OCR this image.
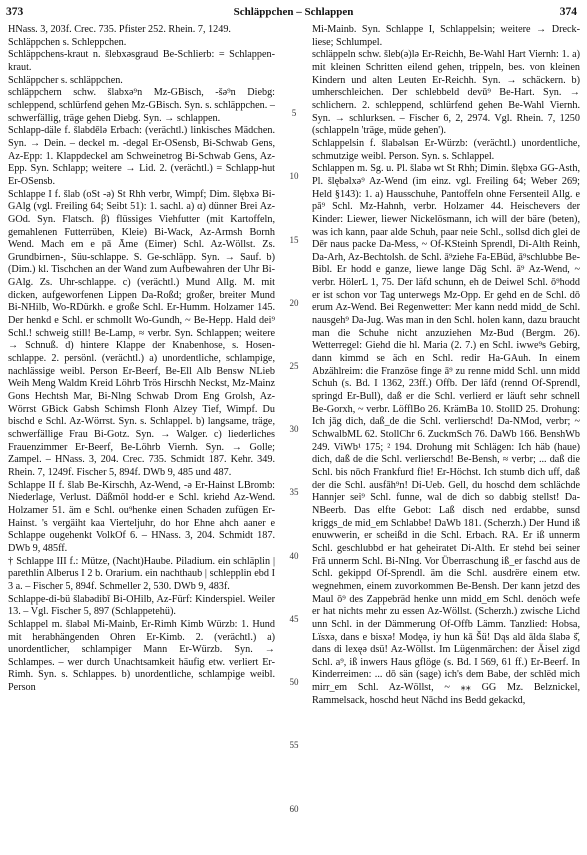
373	Schläppchen – Schlappen	374

HNass. 3, 203f. Crec. 735. Pfister 252. Rhein. 7, 1249.

Schläppchen s. Schleppchen.

Schläppchens-kraut n. šlebxəsgraud Be-Schlierb: = Schlappen-kraut.

Schläppcher s. schläppchen.

schläppchern schw. šlabxə⁹n Mz-GBisch, -šə⁹n Diebg: schleppend, schlürfend gehen Mz-GBisch. Syn. s. schläppchen. – schwerfällig, träge gehen Diebg. Syn. → schlappen.

Schlapp-däle f. šlabdēlə Erbach: (verächtl.) linkisches Mädchen. Syn. → Dein. – deckel m. -degəl Er-OSensb, Bi-Schwab Gens, Az-Epp: 1. Klappdeckel am Schweinetrog Bi-Schwab Gens, Az-Epp. Syn. Schlapp; weitere → Lid. 2. (verächtl.) = Schlapp-hut Er-OSensb.

Schlappe I f. šlab (oSt -ə) St Rhh verbr, Wimpf; Dim. šlębxə Bi-GAlg (vgl. Freiling 64; Seibt 51): 1. sachl. a) α) dünner Brei Az-GOd. Syn. Flatsch. β) flüssiges Viehfutter (mit Kartoffeln, gemahlenen Futterrüben, Kleie) Bi-Wack, Az-Armsh Bornh Wend. Mach em e pā Āme (Eimer) Schl. Az-Wöllst. Zs. Grundbirnen-, Süu-schlappe. S. Ge-schläpp. Syn. → Sauf. b) (Dim.) kl. Tischchen an der Wand zum Aufbewahren der Uhr Bi-GAlg. Zs. Uhr-schlappe. c) (verächtl.) Mund Allg. M. mit dicken, aufgeworfenen Lippen Da-Roßd; großer, breiter Mund Bi-NHilb, Wo-RDürkh. e große Schl. Er-Humm. Holzamer 145. Der henkd e Schl. er schmollt Wo-Gundh, ~ Be-Hepp. Hald dei⁹ Schl.! schweig still! Be-Lamp, ≈ verbr. Syn. Schlappen; weitere → Schnuß. d) hintere Klappe der Knabenhose, s. Hosen-schlappe. 2. persönl. (verächtl.) a) unordentliche, schlampige, nachlässige weibl. Person Er-Beerf, Be-Ell Alb Bensw NLieb Weih Meng Waldm Kreid Löhrb Trös Hirschh Neckst, Mz-Mainz Gons Hechtsh Mar, Bi-Nlng Schwab Drom Eng Grolsh, Az-Wörrst GBick Gabsh Schimsh Flonh Alzey Tief, Wimpf. Du bischd e Schl. Az-Wörrst. Syn. s. Schlappel. b) langsame, träge, schwerfällige Frau Bi-Gotz. Syn. → Walger. c) liederliches Frauenzimmer Er-Beerf, Be-Löhrb Viernh. Syn. → Golle; Zampel. – HNass. 3, 204. Crec. 735. Schmidt 187. Kehr. 349. Rhein. 7, 1249f. Fischer 5, 894f. DWb 9, 485 und 487.

Schlappe II f. šlab Be-Kirschh, Az-Wend, -ə Er-Hainst LBromb: Niederlage, Verlust. Däßmöl hodd-er e Schl. kriehd Az-Wend. Holzamer 51. äm e Schl. ou⁹henke einen Schaden zufügen Er-Hainst. 's vergäiht kaa Vierteljuhr, do hor Ehne ahch aaner e Schlappe ougehenkt VolkOf 6. – HNass. 3, 204. Schmidt 187. DWb 9, 485ff.

† Schlappe III f.: Mütze, (Nacht)Haube. Piladium. ein schläplin | parethlin Alberus I 2 b. Orarium. ein nachthaub | schlepplin ebd I 3 a. – Fischer 5, 894f. Schmeller 2, 530. DWb 9, 483f.

Schlappe-di-bü šlabədibī Bi-OHilb, Az-Fürf: Kinderspiel. Weiler 13. – Vgl. Fischer 5, 897 (Schlappetehü).

Schlappel m. šlabəl Mi-Mainb, Er-Rimh Kimb Würzb: 1. Hund mit herabhängenden Ohren Er-Kimb. 2. (verächtl.) a) unordentlicher, schlampiger Mann Er-Würzb. Syn. → Schlampes. – wer durch Unachtsamkeit häufig etw. verliert Er-Rimh. Syn. s. Schlappes. b) unordentliche, schlampige weibl. Person

5
10
15
20
25
30
35
40
45
50
55
60

Mi-Mainb. Syn. Schlappe I, Schlappelsin; weitere → Dreck-liese; Schlumpel.

schläppeln schw. šleb(ə)lə Er-Reichh, Be-Wahl Hart Viernh: 1. a) mit kleinen Schritten eilend gehen, trippeln, bes. von kleinen Kindern und alten Leuten Er-Reichh. Syn. → schäckern. b) umherschleichen. Der schlebbeld devū⁹ Be-Hart. Syn. → schlichern. 2. schleppend, schlürfend gehen Be-Wahl Viernh. Syn. → schlurksen. – Fischer 6, 2, 2974. Vgl. Rhein. 7, 1250 (schlappeln 'träge, müde gehen').

Schlappelsin f. šlabəlsən Er-Würzb: (verächtl.) unordentliche, schmutzige weibl. Person. Syn. s. Schlappel.

Schlappen m. Sg. u. Pl. šlabə wt St Rhh; Dimin. šlębxə GG-Asth, Pl. šlębəlxə⁹ Az-Wend (im einz. vgl. Freiling 64; Weber 269; Held §143): 1. a) Hausschuhe, Pantoffeln ohne Fersenteil Allg. e pā⁹ Schl. Mz-Hahnh, verbr. Holzamer 44. Heischevers der Kinder: Liewer, liewer Nickelösmann, ich will der bäre (beten), was ich kann, paar alde Schuh, paar neie Schl., sollsd dich glei de Dēr naus packe Da-Mess, ~ Of-KSteinh Sprendl, Di-Alth Reinh, Da-Arh, Az-Bechtolsh. de Schl. ā⁹ziehe Fa-EBüd, ā⁹schlubbe Be-Bibl. Er hodd e ganze, liewe lange Däg Schl. ā⁹ Az-Wend, ~ verbr. HölerL 1, 75. Der läfd schunn, eh de Deiwel Schl. ō⁹hodd er ist schon vor Tag unterwegs Mz-Opp. Er gehd en de Schl. dō erum Az-Wend. Bei Regenwetter: Mer kann nedd midd_de Schl. nausgeh⁹ Da-Jug. Was man in den Schl. holen kann, dazu braucht man die Schuhe nicht anzuziehen Mz-Bud (Bergm. 26). Wetterregel: Giehd die hl. Maria (2. 7.) en Schl. iwwe⁹s Gebirg, dann kimmd se äch en Schl. redir Ha-GAuh. In einem Abzählreim: die Französe finge ā⁹ zu renne midd Schl. unn midd Schuh (s. Bd. I 1362, 23ff.) Offb. Der läfd (rennd Of-Sprendl, springd Er-Bull), daß er die Schl. verlierd er läuft sehr schnell Be-Gorxh, ~ verbr. LöfflBo 26. KrämBa 10. StollD 25. Drohung: Ich jāg dich, daß_de die Schl. verlierschd! Da-NMod, verbr; ~ SchwalbML 62. StollChr 6. ZuckmSch 76. DaWb 166. BenshWb 249. ViWb¹ 175; ² 194. Drohung mit Schlägen: Ich häb (haue) dich, daß de die Schl. verlierschd! Be-Bensh, ≈ verbr; ... daß die Schl. bis nōch Frankfurd flie! Er-Höchst. Ich stumb dich uff, daß der die Schl. ausfāh⁹n! Di-Ueb. Gell, du hoschd dem schlächde Hannjer sei⁹ Schl. funne, wal de dich so dabbig stellst! Da-NBeerb. Das elfte Gebot: Laß disch ned erdabbe, sunsd kriggs_de mid_em Schlabbe! DaWb 181. (Scherzh.) Der Hund iß enuwwerin, er scheißd in die Schl. Erbach. RA. Er iß unnerm Schl. geschlubbd er hat geheiratet Di-Alth. Er stehd bei seiner Frā unnerm Schl. Bi-NIng. Vor Überraschung iß_er faschd aus de Schl. gekippd Of-Sprendl. äm die Schl. ausdrëre einem etw. wegnehmen, einem zuvorkommen Be-Bensh. Der kann jetzd des Maul ō⁹ des Zappebräd henke unn midd_em Schl. denöch wefe er hat nichts mehr zu essen Az-Wöllst. (Scherzh.) zwische Lichd unn Schl. in der Dämmerung Of-Offb Lämm. Tanzlied: Hobsa, Lïsxə, dans e bisxə! Modęə, iy hun kā Šü! Dąs ald ālda šlabə š̆, dans di lexęə dsü! Az-Wöllst. Im Lügenmärchen: der Äisel zigd Schl. a⁹, iß inwers Haus gflöge (s. Bd. I 569, 61 ff.) Er-Beerf. In Kinderreimen: ... dō sän (sage) ich's dem Babe, der schlëd mich mirr_em Schl. Az-Wöllst, ~ ⁎⁎ GG Mz. Belznickel, Rammelsack, hoschd heut Nāchd ins Bedd gekackd,
